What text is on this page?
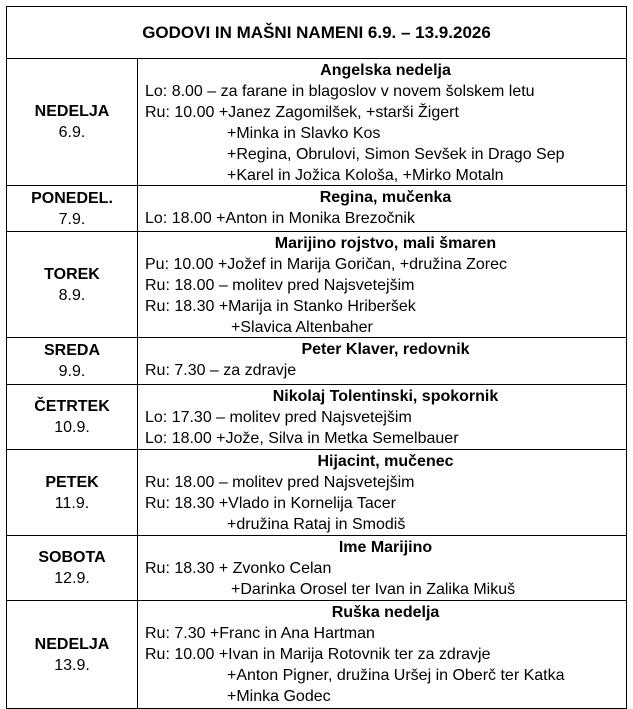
GODOVI IN MAŠNI NAMENI 6.9. – 13.9.2026
NEDELJA
6.9.
Angelska nedelja
Lo: 8.00 – za farane in blagoslov v novem šolskem letu
Ru: 10.00 +Janez Zagomilšek, +starši Žigert
+Minka in Slavko Kos
+Regina, Obrulovi, Simon Sevšek in Drago Sep
+Karel in Jožica Kološa, +Mirko Motaln
PONEDEL.
7.9.
Regina, mučenka
Lo: 18.00 +Anton in Monika Brezočnik
TOREK
8.9.
Marijino rojstvo, mali šmaren
Pu: 10.00 +Jožef in Marija Goričan, +družina Zorec
Ru: 18.00 – molitev pred Najsvetejšim
Ru: 18.30 +Marija in Stanko Hriberšek
+Slavica Altenbaher
SREDA
9.9.
Peter Klaver, redovnik
Ru: 7.30 – za zdravje
ČETRTEK
10.9.
Nikolaj Tolentinski, spokornik
Lo: 17.30 – molitev pred Najsvetejšim
Lo: 18.00 +Jože, Silva in Metka Semelbauer
PETEK
11.9.
Hijacint, mučenec
Ru: 18.00 – molitev pred Najsvetejšim
Ru: 18.30 +Vlado in Kornelija Tacer
+družina Rataj in Smodiš
SOBOTA
12.9.
Ime Marijino
Ru: 18.30 + Zvonko Celan
+Darinka Orosel ter Ivan in Zalika Mikuš
NEDELJA
13.9.
Ruška nedelja
Ru: 7.30 +Franc in Ana Hartman
Ru: 10.00 +Ivan in Marija Rotovnik ter za zdravje
+Anton Pigner, družina Uršej in Oberč ter Katka
+Minka Godec
